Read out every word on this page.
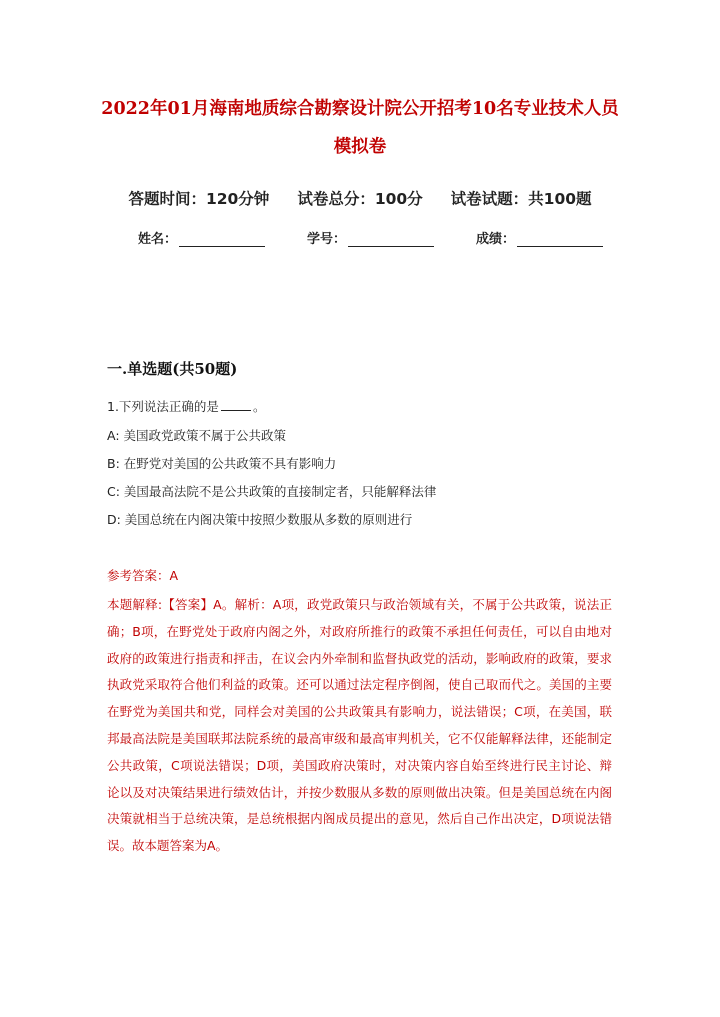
2022年01月海南地质综合勘察设计院公开招考10名专业技术人员
模拟卷
答题时间：120分钟 试卷总分：100分 试卷试题：共100题
姓名：	学号：	成绩：
一.单选题(共50题)
1.下列说法正确的是	。
A: 美国政党政策不属于公共政策
B: 在野党对美国的公共政策不具有影响力
C: 美国最高法院不是公共政策的直接制定者，只能解释法律
D: 美国总统在内阁决策中按照少数服从多数的原则进行
参考答案：A
本题解释:【答案】A。解析：A项，政党政策只与政治领域有关，不属于公共政策，说法正确；B项，在野党处于政府内阁之外，对政府所推行的政策不承担任何责任，可以自由地对政府的政策进行指责和抨击，在议会内外牵制和监督执政党的活动，影响政府的政策，要求执政党采取符合他们利益的政策。还可以通过法定程序倒阁，使自己取而代之。美国的主要在野党为美国共和党，同样会对美国的公共政策具有影响力，说法错误；C项，在美国，联邦最高法院是美国联邦法院系统的最高审级和最高审判机关，它不仅能解释法律，还能制定公共政策，C项说法错误；D项，美国政府决策时，对决策内容自始至终进行民主讨论、辩论以及对决策结果进行绩效估计，并按少数服从多数的原则做出决策。但是美国总统在内阁决策就相当于总统决策，是总统根据内阁成员提出的意见，然后自己作出决定，D项说法错误。故本题答案为A。
